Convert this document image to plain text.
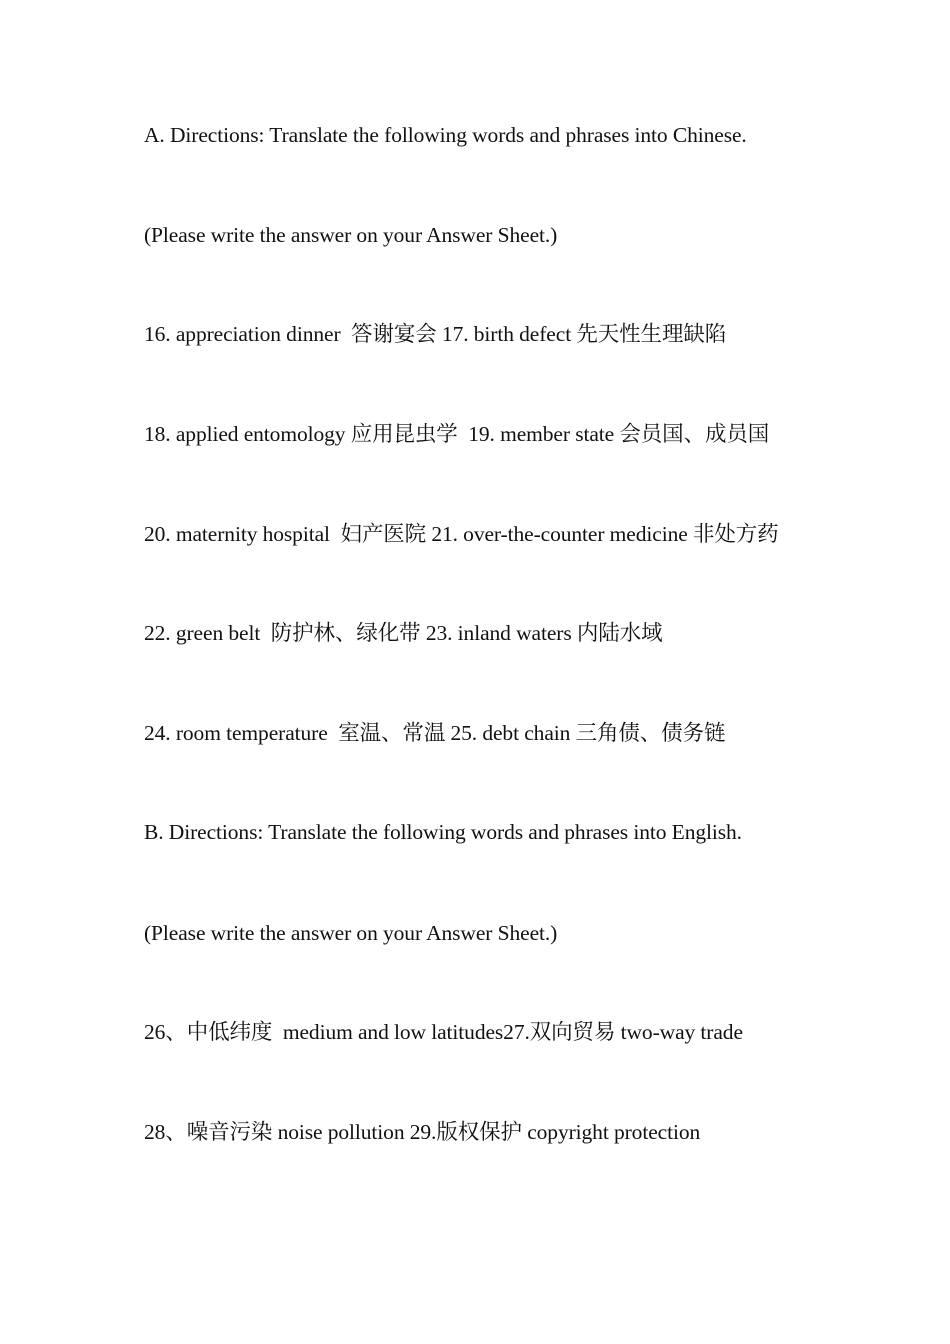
A. Directions: Translate the following words and phrases into Chinese.
(Please write the answer on your Answer Sheet.)
16. appreciation dinner  答谢宴会 17. birth defect 先天性生理缺陷
18. applied entomology 应用昆虫学  19. member state 会员国、成员国
20. maternity hospital  妇产医院 21. over-the-counter medicine 非处方药
22. green belt  防护林、绿化带 23. inland waters 内陆水域
24. room temperature  室温、常温 25. debt chain 三角债、债务链
B. Directions: Translate the following words and phrases into English.
(Please write the answer on your Answer Sheet.)
26、中低纬度  medium and low latitudes27.双向贸易 two-way trade
28、噪音污染 noise pollution 29.版权保护 copyright protection
